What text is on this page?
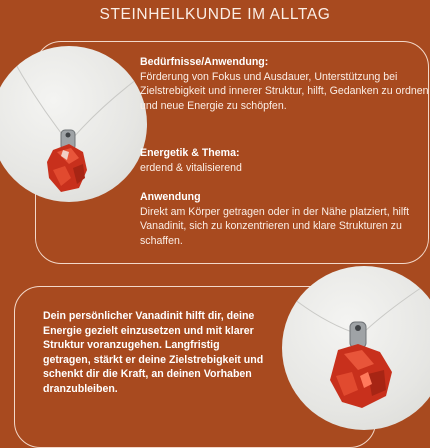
STEINHEILKUNDE IM ALLTAG

Bedürfnisse/Anwendung:

Förderung von Fokus und Ausdauer, Unterstützung bei Zielstrebigkeit und innerer Struktur, hilft, Gedanken zu ordnen und neue Energie zu schöpfen.

Energetik & Thema:

erdend & vitalisierend

Anwendung

Direkt am Körper getragen oder in der Nähe platziert, hilft Vanadinit, sich zu konzentrieren und klare Strukturen zu schaffen.

Dein persönlicher Vanadinit hilft dir, deine Energie gezielt einzusetzen und mit klarer Struktur voranzugehen. Langfristig getragen, stärkt er deine Zielstrebigkeit und schenkt dir die Kraft, an deinen Vorhaben dranzubleiben.
